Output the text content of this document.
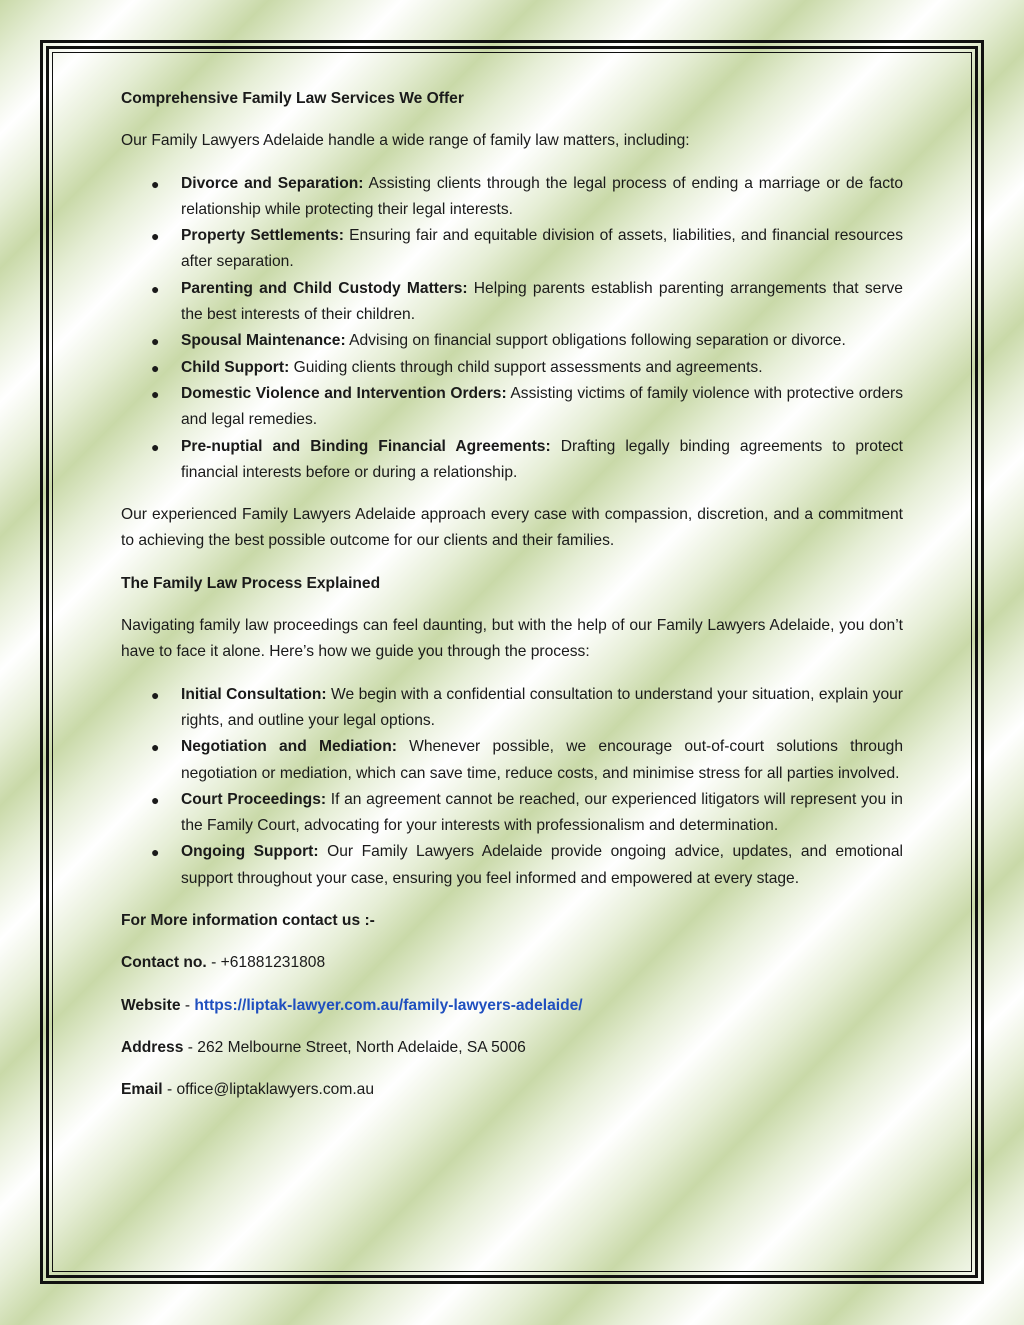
Comprehensive Family Law Services We Offer

Our Family Lawyers Adelaide handle a wide range of family law matters, including:

● Divorce and Separation: Assisting clients through the legal process of ending a marriage or de facto relationship while protecting their legal interests.
● Property Settlements: Ensuring fair and equitable division of assets, liabilities, and financial resources after separation.
● Parenting and Child Custody Matters: Helping parents establish parenting arrangements that serve the best interests of their children.
● Spousal Maintenance: Advising on financial support obligations following separation or divorce.
● Child Support: Guiding clients through child support assessments and agreements.
● Domestic Violence and Intervention Orders: Assisting victims of family violence with protective orders and legal remedies.
● Pre-nuptial and Binding Financial Agreements: Drafting legally binding agreements to protect financial interests before or during a relationship.

Our experienced Family Lawyers Adelaide approach every case with compassion, discretion, and a commitment to achieving the best possible outcome for our clients and their families.

The Family Law Process Explained

Navigating family law proceedings can feel daunting, but with the help of our Family Lawyers Adelaide, you don’t have to face it alone. Here’s how we guide you through the process:

● Initial Consultation: We begin with a confidential consultation to understand your situation, explain your rights, and outline your legal options.
● Negotiation and Mediation: Whenever possible, we encourage out-of-court solutions through negotiation or mediation, which can save time, reduce costs, and minimise stress for all parties involved.
● Court Proceedings: If an agreement cannot be reached, our experienced litigators will represent you in the Family Court, advocating for your interests with professionalism and determination.
● Ongoing Support: Our Family Lawyers Adelaide provide ongoing advice, updates, and emotional support throughout your case, ensuring you feel informed and empowered at every stage.
For More information contact us :-
Contact no. - +61881231808
Website - https://liptak-lawyer.com.au/family-lawyers-adelaide/
Address - 262 Melbourne Street, North Adelaide, SA 5006
Email - office@liptaklawyers.com.au
